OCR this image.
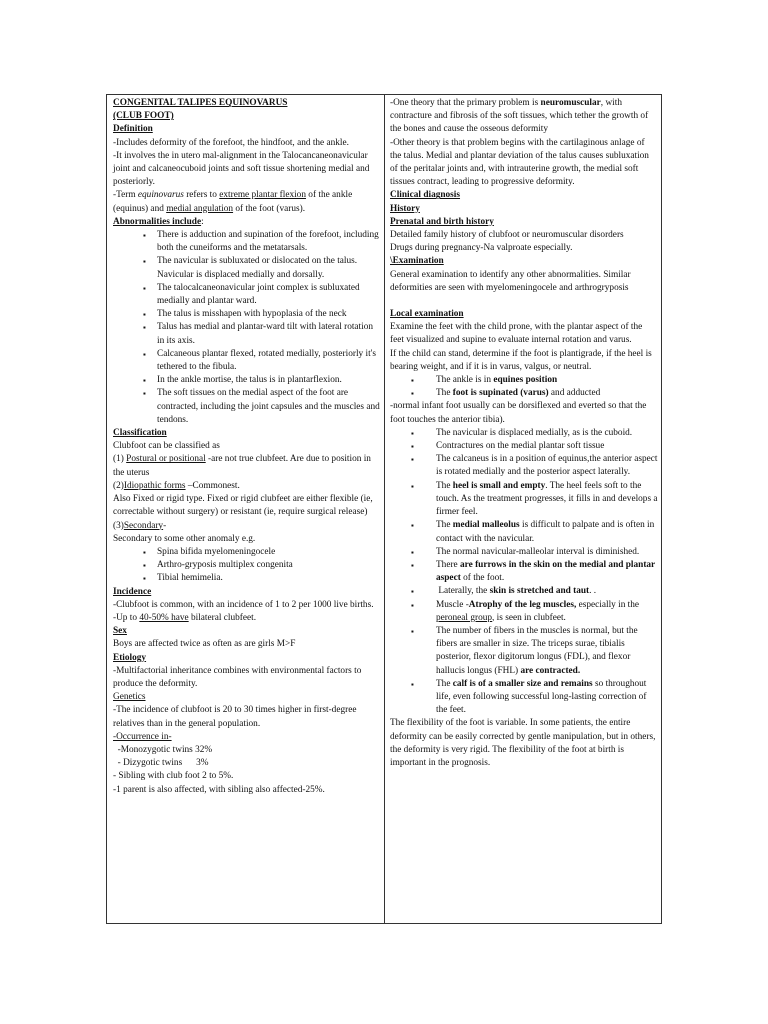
CONGENITAL TALIPES EQUINOVARUS

(CLUB FOOT)

Definition

-Includes deformity of the forefoot, the hindfoot, and the ankle.

-It involves the in utero mal-alignment in the Talocancaneonavicular joint and calcaneocuboid joints and soft tissue shortening medial and posteriorly.

-Term equinovarus refers to extreme plantar flexion of the ankle (equinus) and medial angulation of the foot (varus).

Abnormalities include:

▪ There is adduction and supination of the forefoot, including both the cuneiforms and the metatarsals.
▪ The navicular is subluxated or dislocated on the talus. Navicular is displaced medially and dorsally.
▪ The talocalcaneonavicular joint complex is subluxated medially and plantar ward.
▪ The talus is misshapen with hypoplasia of the neck
▪ Talus has medial and plantar-ward tilt with lateral rotation in its axis.
▪ Calcaneous plantar flexed, rotated medially, posteriorly it's tethered to the fibula.
▪ In the ankle mortise, the talus is in plantarflexion.
▪ The soft tissues on the medial aspect of the foot are contracted, including the joint capsules and the muscles and tendons.

Classification

Clubfoot can be classified as

(1) Postural or positional -are not true clubfeet. Are due to position in the uterus

(2)Idiopathic forms –Commonest.

Also Fixed or rigid type. Fixed or rigid clubfeet are either flexible (ie, correctable without surgery) or resistant (ie, require surgical release)

(3)Secondary-

Secondary to some other anomaly e.g.

▪ Spina bifida myelomeningocele
▪ Arthro-gryposis multiplex congenita
▪ Tibial hemimelia.

Incidence

-Clubfoot is common, with an incidence of 1 to 2 per 1000 live births.

-Up to 40-50% have bilateral clubfeet.

Sex

Boys are affected twice as often as are girls M>F

Etiology

-Multifactorial inheritance combines with environmental factors to produce the deformity.

Genetics

-The incidence of clubfoot is 20 to 30 times higher in first-degree relatives than in the general population.

-Occurrence in-

-Monozygotic twins 32%

- Dizygotic twins      3%

- Sibling with club foot 2 to 5%.

-1 parent is also affected, with sibling also affected-25%.

-One theory that the primary problem is neuromuscular, with contracture and fibrosis of the soft tissues, which tether the growth of the bones and cause the osseous deformity

-Other theory is that problem begins with the cartilaginous anlage of the talus. Medial and plantar deviation of the talus causes subluxation of the peritalar joints and, with intrauterine growth, the medial soft tissues contract, leading to progressive deformity.

Clinical diagnosis

History

Prenatal and birth history

Detailed family history of clubfoot or neuromuscular disorders

Drugs during pregnancy-Na valproate especially.

\Examination

General examination to identify any other abnormalities. Similar deformities are seen with myelomeningocele and arthrogryposis

Local examination

Examine the feet with the child prone, with the plantar aspect of the feet visualized and supine to evaluate internal rotation and varus.

If the child can stand, determine if the foot is plantigrade, if the heel is bearing weight, and if it is in varus, valgus, or neutral.

▪ The ankle is in equines position
▪ The foot is supinated (varus) and adducted

-normal infant foot usually can be dorsiflexed and everted so that the foot touches the anterior tibia).

▪ The navicular is displaced medially, as is the cuboid.
▪ Contractures on the medial plantar soft tissue
▪ The calcaneus is in a position of equinus,the anterior aspect is rotated medially and the posterior aspect laterally.
▪ The heel is small and empty. The heel feels soft to the touch. As the treatment progresses, it fills in and develops a firmer feel.
▪ The medial malleolus is difficult to palpate and is often in contact with the navicular.
▪ The normal navicular-malleolar interval is diminished.
▪ There are furrows in the skin on the medial and plantar aspect of the foot.
▪  Laterally, the skin is stretched and taut. .
▪ Muscle -Atrophy of the leg muscles, especially in the peroneal group, is seen in clubfeet.
▪ The number of fibers in the muscles is normal, but the fibers are smaller in size. The triceps surae, tibialis posterior, flexor digitorum longus (FDL), and flexor hallucis longus (FHL) are contracted.
▪ The calf is of a smaller size and remains so throughout life, even following successful long-lasting correction of the feet.

The flexibility of the foot is variable. In some patients, the entire deformity can be easily corrected by gentle manipulation, but in others, the deformity is very rigid. The flexibility of the foot at birth is important in the prognosis.
